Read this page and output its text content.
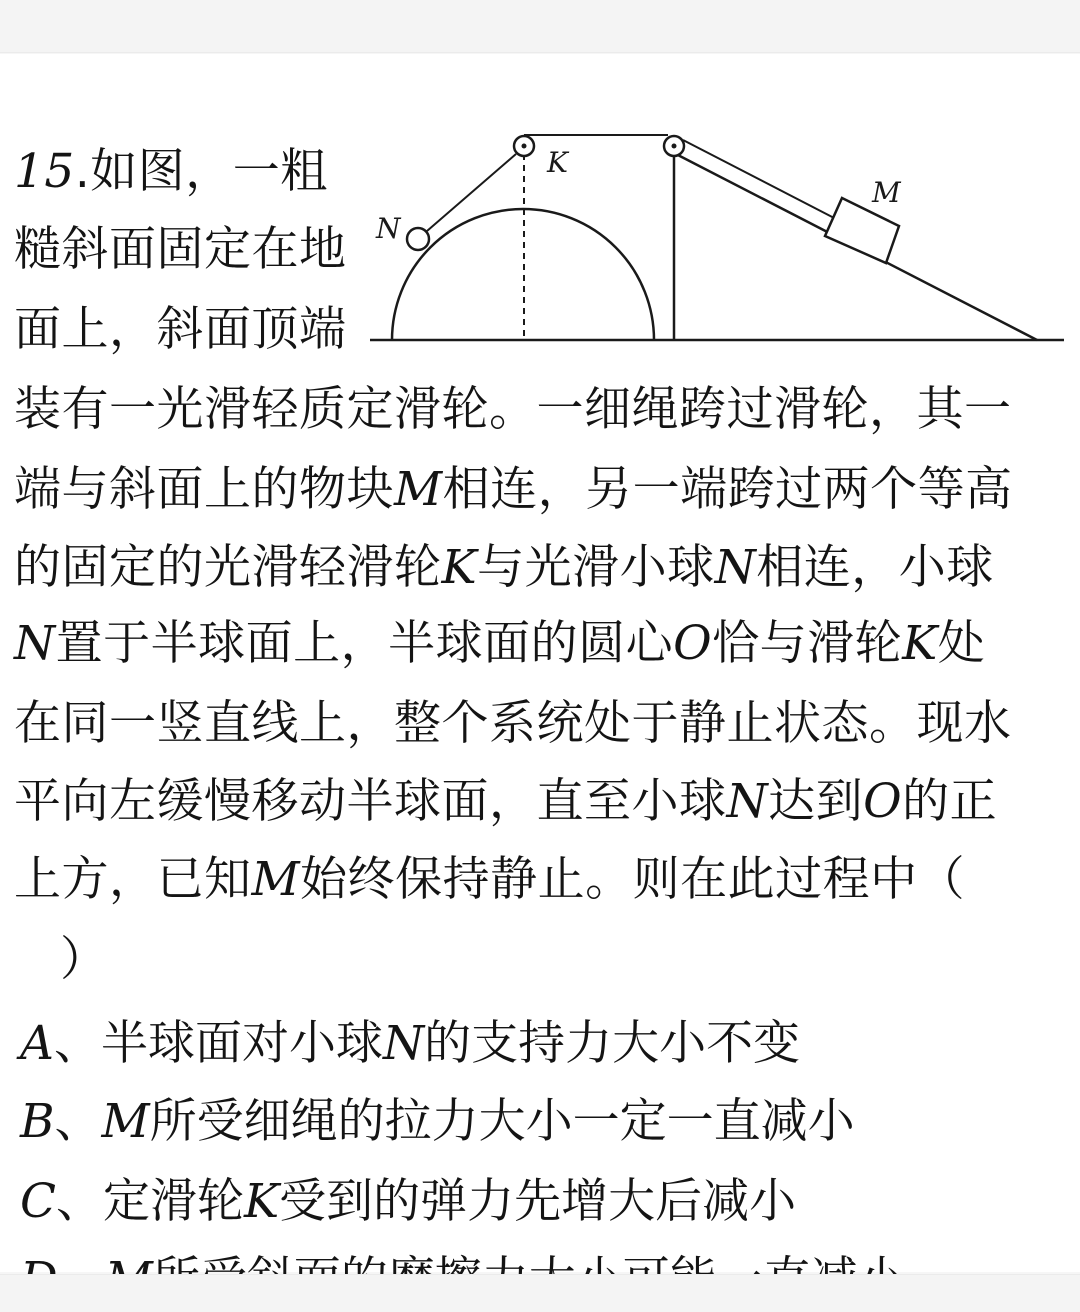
K
M
N
15.如图，一粗
糙斜面固定在地
面上，斜面顶端
装有一光滑轻质定滑轮。一细绳跨过滑轮，其一
端与斜面上的物块M相连，另一端跨过两个等高
的固定的光滑轻滑轮K与光滑小球N相连，小球
N置于半球面上，半球面的圆心O恰与滑轮K处
在同一竖直线上，整个系统处于静止状态。现水
平向左缓慢移动半球面，直至小球N达到O的正
上方，已知M始终保持静止。则在此过程中（
）
A、半球面对小球N的支持力大小不变
B、M所受细绳的拉力大小一定一直减小
C、定滑轮K受到的弹力先增大后减小
